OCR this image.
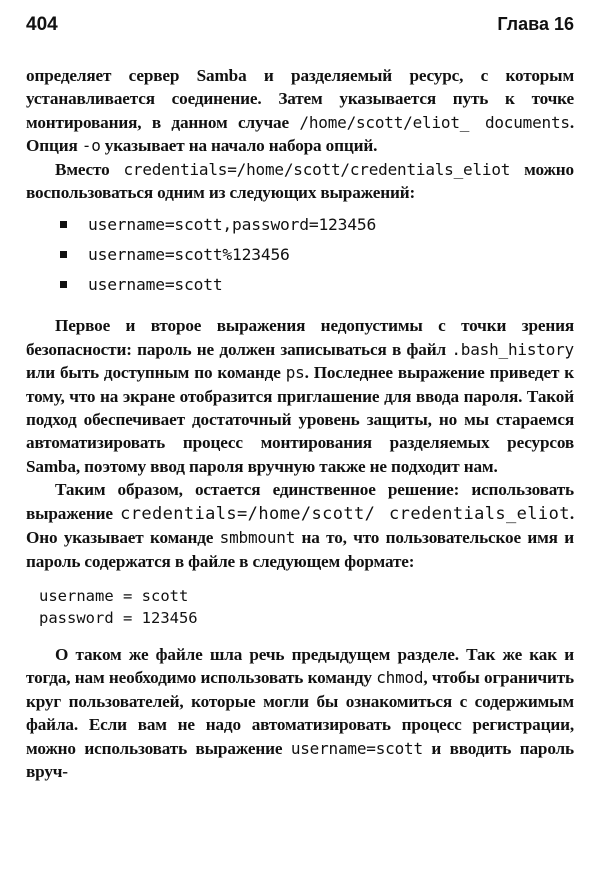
404	Глава 16

определяет сервер Samba и разделяемый ресурс, с которым устанавливается соединение. Затем указывается путь к точке монтирования, в данном случае /home/scott/eliot_ documents. Опция -o указывает на начало набора опций.

Вместо credentials=/home/scott/credentials_eliot можно воспользоваться одним из следующих выражений:

username=scott,password=123456
username=scott%123456
username=scott

Первое и второе выражения недопустимы с точки зрения безопасности: пароль не должен записываться в файл .bash_history или быть доступным по команде ps. Последнее выражение приведет к тому, что на экране отобразится приглашение для ввода пароля. Такой подход обеспечивает достаточный уровень защиты, но мы стараемся автоматизировать процесс монтирования разделяемых ресурсов Samba, поэтому ввод пароля вручную также не подходит нам.

Таким образом, остается единственное решение: использовать выражение credentials=/home/scott/ credentials_eliot. Оно указывает команде smbmount на то, что пользовательское имя и пароль содержатся в файле в следующем формате:

username = scott
password = 123456

О таком же файле шла речь предыдущем разделе. Так же как и тогда, нам необходимо использовать команду chmod, чтобы ограничить круг пользователей, которые могли бы ознакомиться с содержимым файла. Если вам не надо автоматизировать процесс регистрации, можно использовать выражение username=scott и вводить пароль вруч-
